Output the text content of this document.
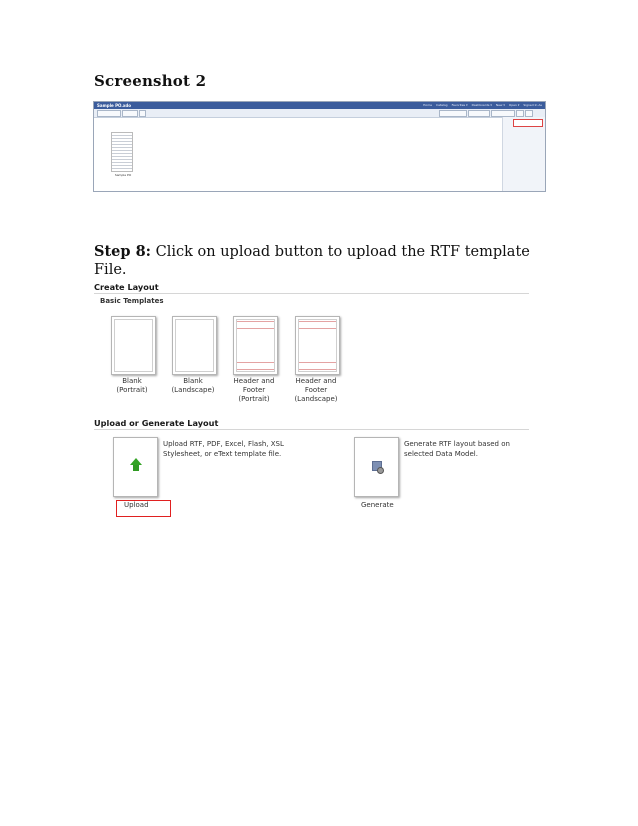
Screenshot 2
Sample PO.xdo	Home Catalog Favorites ▾ Dashboards ▾ New ▾ Open ▾ Signed In As
Sample PO

Step 8: Click on upload button to upload the RTF template File.

Create Layout
Basic Templates
Blank
(Portrait)
Blank
(Landscape)
Header and
Footer
(Portrait)
Header and
Footer
(Landscape)
Upload or Generate Layout

Upload RTF, PDF, Excel, Flash, XSL Stylesheet, or eText template file.

Upload

Generate RTF layout based on selected Data Model.

Generate
